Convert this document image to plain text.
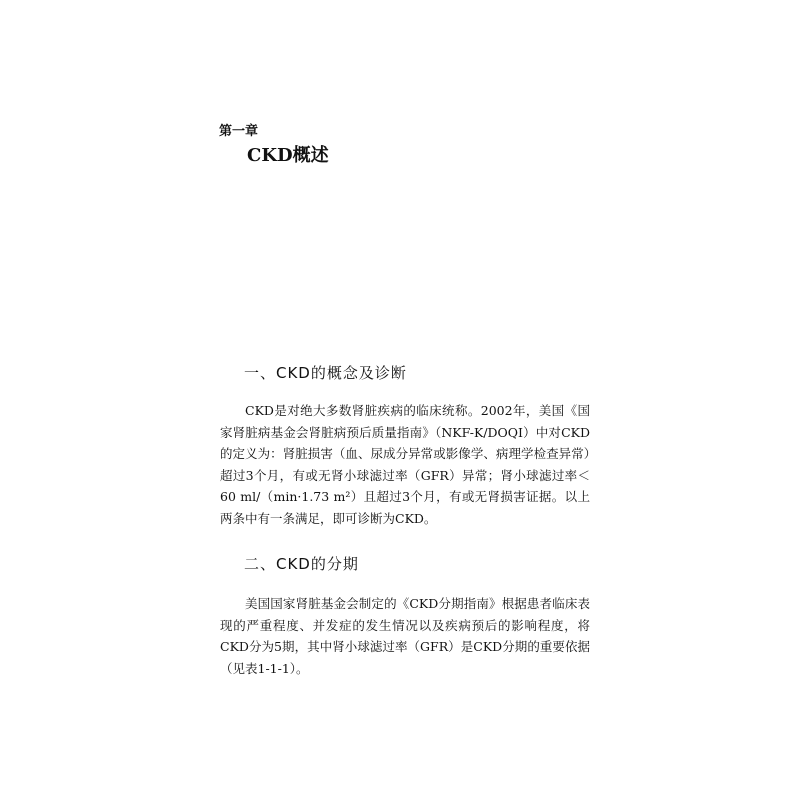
第一章
CKD概述
一、CKD的概念及诊断

CKD是对绝大多数肾脏疾病的临床统称。2002年，美国《国家肾脏病基金会肾脏病预后质量指南》（NKF-K/DOQI）中对CKD的定义为：肾脏损害（血、尿成分异常或影像学、病理学检查异常）超过3个月，有或无肾小球滤过率（GFR）异常；肾小球滤过率＜60 ml/（min·1.73 m²）且超过3个月，有或无肾损害证据。以上两条中有一条满足，即可诊断为CKD。

二、CKD的分期

美国国家肾脏基金会制定的《CKD分期指南》根据患者临床表现的严重程度、并发症的发生情况以及疾病预后的影响程度，将CKD分为5期，其中肾小球滤过率（GFR）是CKD分期的重要依据（见表1-1-1）。
